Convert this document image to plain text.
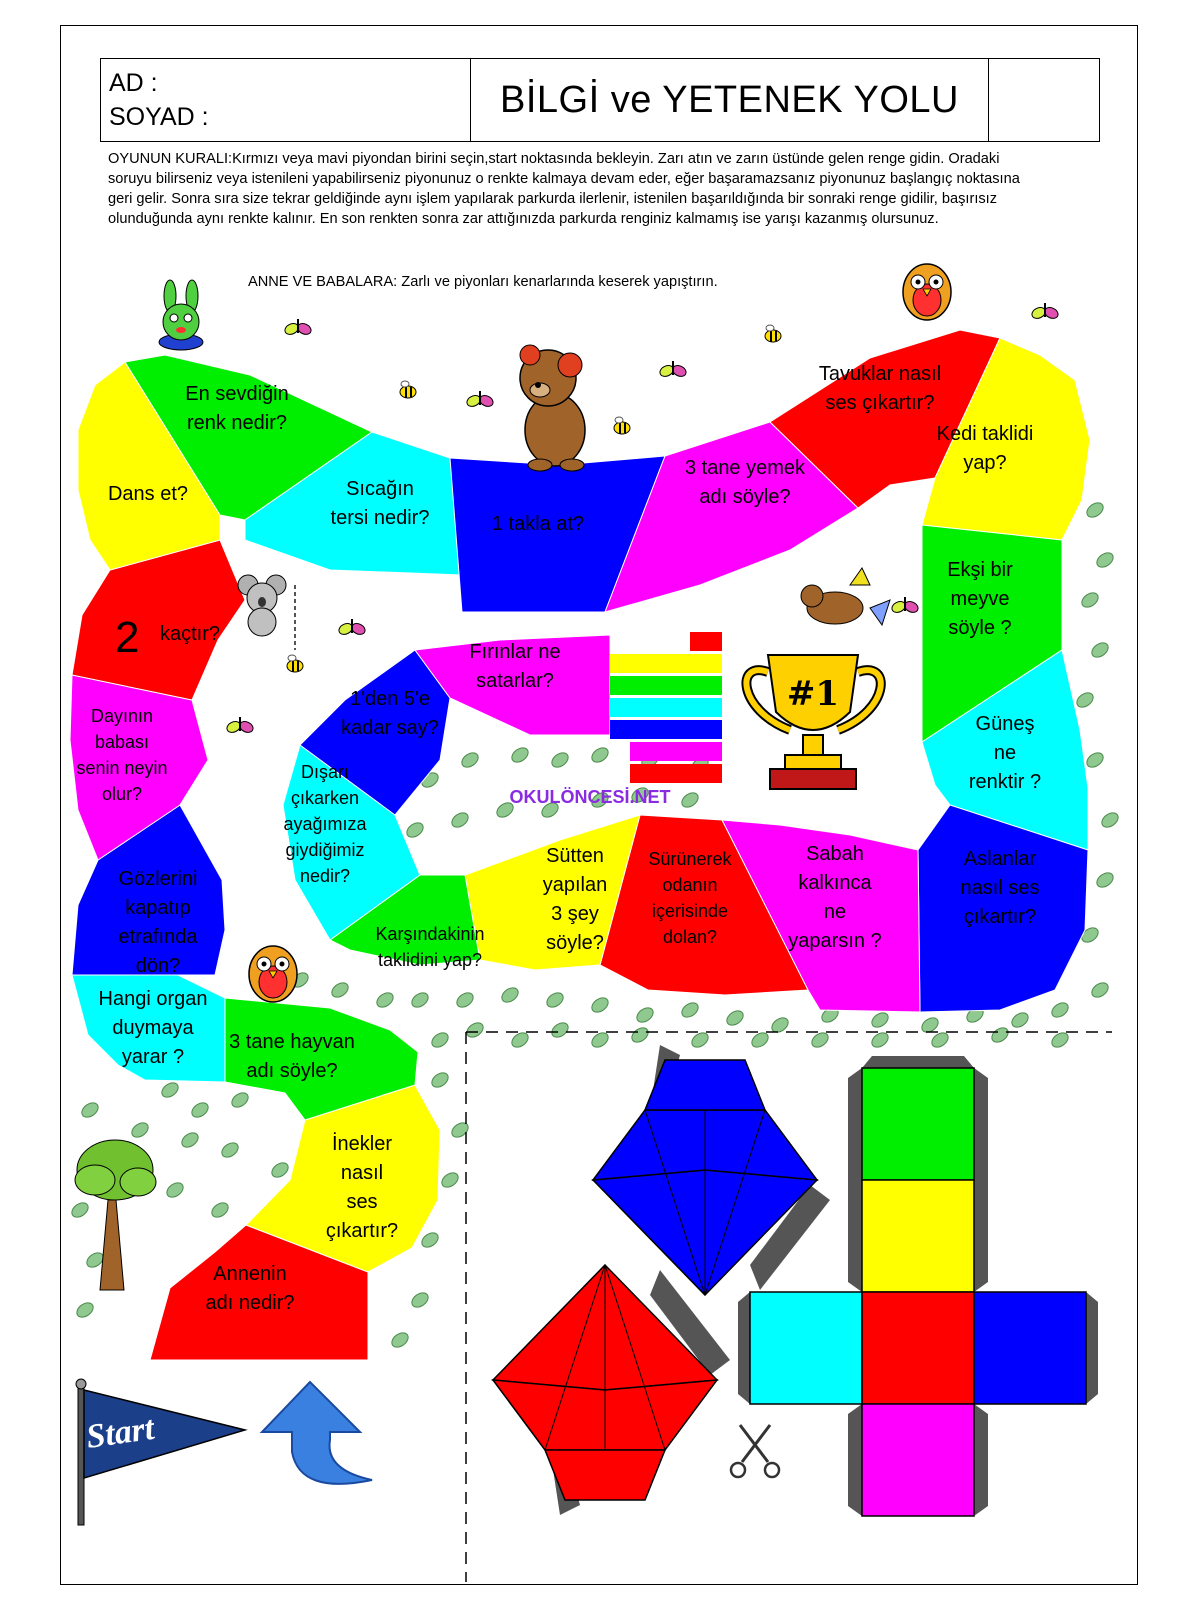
AD :
SOYAD :	BİLGİ ve YETENEK YOLU
OYUNUN KURALI:Kırmızı veya mavi piyondan birini seçin,start noktasında bekleyin. Zarı atın ve zarın üstünde gelen renge gidin. Oradaki soruyu bilirseniz veya istenileni yapabilirseniz piyonunuz o renkte kalmaya devam eder, eğer başaramazsanız piyonunuz başlangıç noktasına geri gelir. Sonra sıra size tekrar geldiğinde aynı işlem yapılarak parkurda ilerlenir, istenilen başarıldığında bir sonraki renge gidilir, başırısız olunduğunda aynı renkte kalınır. En son renkten sonra zar attığınızda parkurda renginiz kalmamış ise yarışı kazanmış olursunuz.
ANNE VE BABALARA: Zarlı ve piyonları kenarlarında keserek yapıştırın.
Annenin
adı nedir?
İnekler
nasıl
ses
çıkartır?
3 tane hayvan
adı söyle?
Hangi organ
duymaya
yarar ?
Gözlerini
kapatıp
etrafında
dön?
Dayının
babası
senin neyin
olur?
2 kaçtır?
Dans et?
En sevdiğin
renk nedir?
Sıcağın
tersi nedir?	1 takla at?
3 tane yemek
adı söyle?
Tavuklar nasıl
ses çıkartır?
Kedi taklidi
yap?
Ekşi bir
meyve
söyle ?
Güneş
ne
renktir ?
Aslanlar
nasıl ses
çıkartır?
Sabah
kalkınca
ne
yaparsın ?
Sürünerek
odanın
içerisinde
dolan?
Sütten
yapılan
3 şey
söyle?
Karşındakinin
taklidini yap?
Dışarı
çıkarken
ayağımıza
giydiğimiz
nedir?
1'den 5'e
kadar say?
Fırınlar ne
satarlar?	#1
OKULÖNCESİ.NET
Start
